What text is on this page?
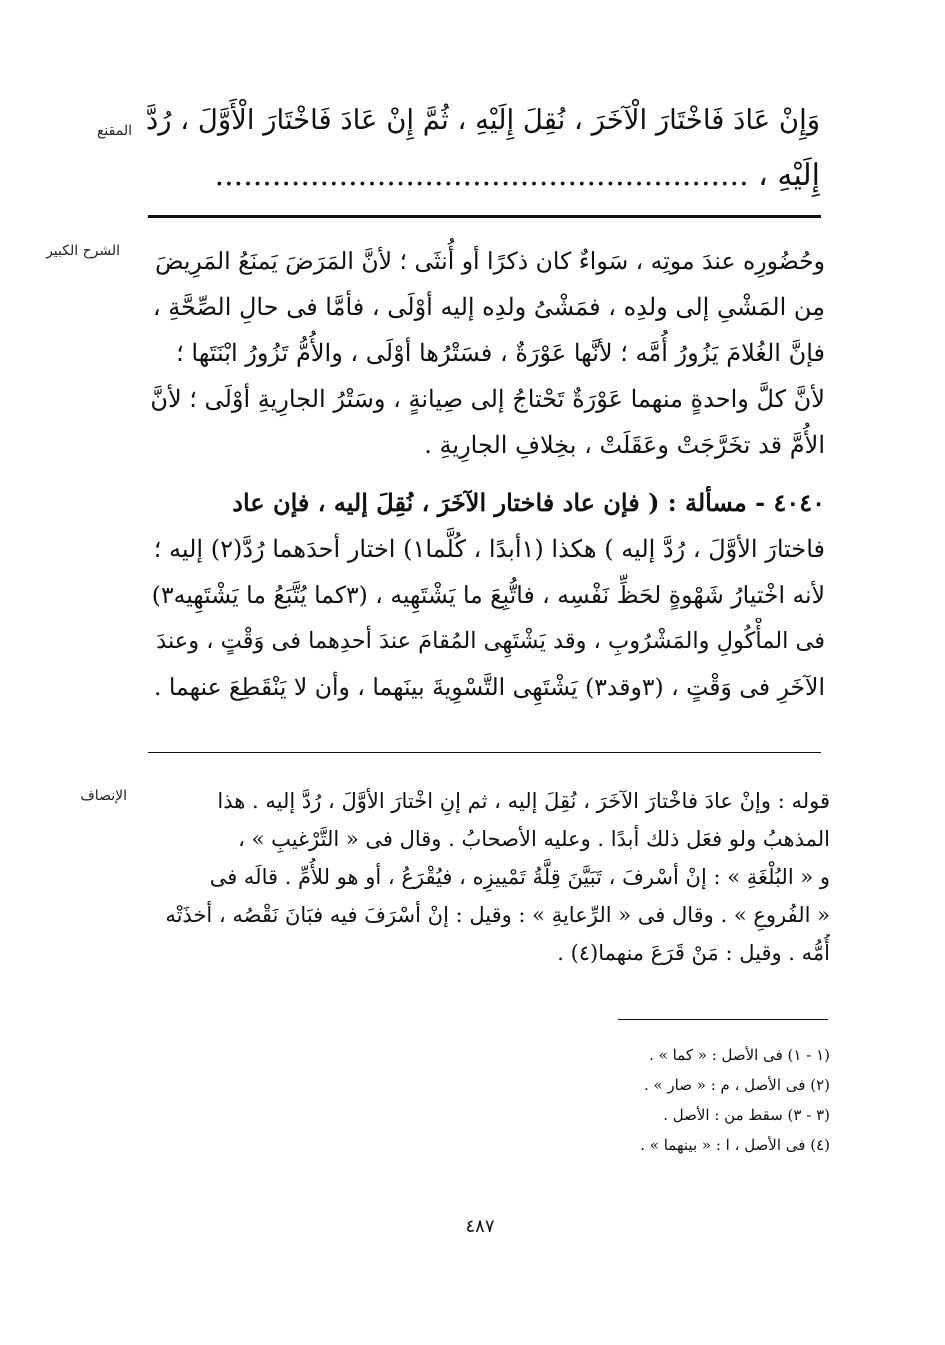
المقنع
الشرح الكبير
الإنصاف
وَإِنْ عَادَ فَاخْتَارَ الْآخَرَ ، نُقِلَ إِلَيْهِ ، ثُمَّ إِنْ عَادَ فَاخْتَارَ الْأَوَّلَ ، رُدَّ
إِلَيْهِ ، ........................................................
وحُضُورِه عندَ موتِه ، سَواءٌ كان ذكرًا أو أُنثَى ؛ لأنَّ المَرَضَ يَمنَعُ المَرِيضَ
مِن المَشْىِ إلى ولدِه ، فمَشْىُ ولدِه إليه أوْلَى ، فأمَّا فى حالِ الصِّحَّةِ ،
فإنَّ الغُلامَ يَزُورُ أُمَّه ؛ لأنَّها عَوْرَةٌ ، فسَتْرُها أوْلَى ، والأُمُّ تَزُورُ ابْنَتَها ؛
لأنَّ كلَّ واحدةٍ منهما عَوْرَةٌ تَحْتاجُ إلى صِيانةٍ ، وسَتْرُ الجارِيةِ أوْلَى ؛ لأنَّ
الأُمَّ قد تخَرَّجَتْ وعَقَلَتْ ، بخِلافِ الجارِيةِ .
٤٠٤٠ - مسألة : ( فإن عاد فاختار الآخَرَ ، نُقِلَ إليه ، فإن عاد
فاختارَ الأوَّلَ ، رُدَّ إليه ) هكذا (١أبدًا ، كُلَّما١) اختار أحدَهما رُدَّ(٢) إليه ؛
لأنه اخْتيارُ شَهْوةٍ لحَظِّ نَفْسِه ، فاتُّبِعَ ما يَشْتَهِيه ، (٣كما يُتَّبَعُ ما يَشْتَهِيه٣)
فى المأْكُولِ والمَشْرُوبِ ، وقد يَشْتَهِى المُقامَ عندَ أحدِهما فى وَقْتٍ ، وعندَ
الآخَرِ فى وَقْتٍ ، (٣وقد٣) يَشْتَهِى التَّسْوِيةَ بينَهما ، وأن لا يَنْقَطِعَ عنهما .
قوله : وإنْ عادَ فاخْتارَ الآخَرَ ، نُقِلَ إليه ، ثم إنِ اخْتارَ الأوَّلَ ، رُدَّ إليه . هذا
المذهبُ ولو فعَل ذلك أبدًا . وعليه الأصحابُ . وقال فى « التَّرْغيبِ » ،
و « البُلْغَةِ » : إنْ أسْرفَ ، تَبَيَّنَ قِلَّةُ تَمْييزِه ، فيُقْرَعُ ، أو هو للأُمِّ . قالَه فى
« الفُروعِ » . وقال فى « الرِّعايةِ » : وقيل : إنْ أسْرَفَ فيه فبَانَ نَقْصُه ، أخذَتْه
أُمُّه . وقيل : مَنْ قَرَعَ منهما(٤) .
(١ - ١) فى الأصل : « كما » .
(٢) فى الأصل ، م : « صار » .
(٣ - ٣) سقط من : الأصل .
(٤) فى الأصل ، ا : « بينهما » .
٤٨٧
